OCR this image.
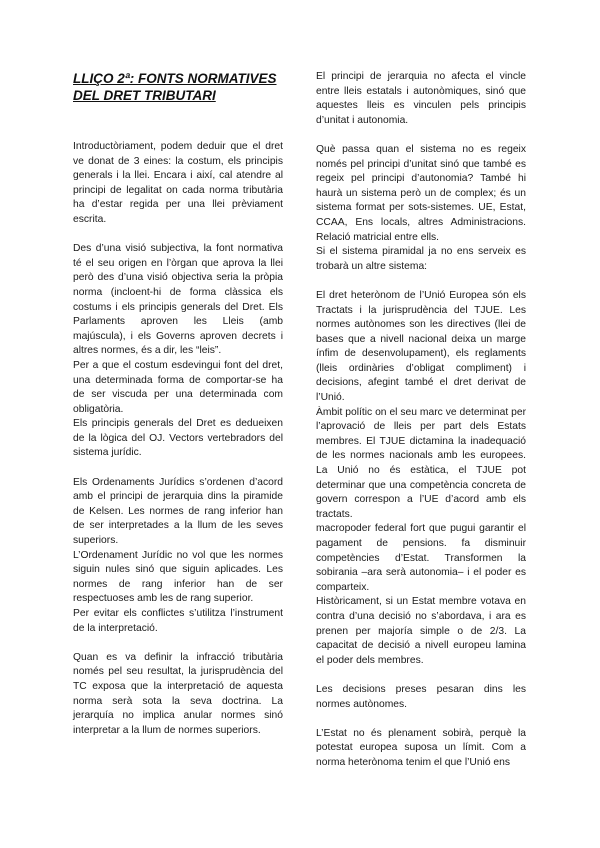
LLIÇO 2ª: FONTS NORMATIVES
DEL DRET TRIBUTARI

Introductòriament, podem deduir que el dret ve donat de 3 eines: la costum, els principis generals i la llei. Encara i així, cal atendre al principi de legalitat on cada norma tributària ha d’estar regida per una llei prèviament escrita.

Des d’una visió subjectiva, la font normativa té el seu origen en l’òrgan que aprova la llei però des d’una visió objectiva seria la pròpia norma (incloent-hi de forma clàssica els costums i els principis generals del Dret. Els Parlaments aproven les Lleis (amb majúscula), i els Governs aproven decrets i altres normes, és a dir, les “leis”.

Per a que el costum esdevingui font del dret, una determinada forma de comportar-se ha de ser viscuda per una determinada com obligatòria.

Els principis generals del Dret es dedueixen de la lògica del OJ. Vectors vertebradors del sistema jurídic.

Els Ordenaments Jurídics s’ordenen d’acord amb el principi de jerarquia dins la piramide de Kelsen. Les normes de rang inferior han de ser interpretades a la llum de les seves superiors.

L’Ordenament Jurídic no vol que les normes siguin nules sinó que siguin aplicades. Les normes de rang inferior han de ser respectuoses amb les de rang superior.

Per evitar els conflictes s’utilitza l’instrument de la interpretació.

Quan es va definir la infracció tributària només pel seu resultat, la jurisprudència del TC exposa que la interpretació de aquesta norma serà sota la seva doctrina. La jerarquía no implica anular normes sinó interpretar a la llum de normes superiors.

El principi de jerarquia no afecta el vincle entre lleis estatals i autonòmiques, sinó que aquestes lleis es vinculen pels principis d’unitat i autonomia.

Què passa quan el sistema no es regeix només pel principi d’unitat sinó que també es regeix pel principi d’autonomia? També hi haurà un sistema però un de complex; és un sistema format per sots-sistemes. UE, Estat, CCAA, Ens locals, altres Administracions. Relació matricial entre ells.

Si el sistema piramidal ja no ens serveix es trobarà un altre sistema:

El dret heterònom de l’Unió Europea són els Tractats i la jurisprudència del TJUE. Les normes autònomes son les directives (llei de bases que a nivell nacional deixa un marge ínfim de desenvolupament), els reglaments (lleis ordinàries d’obligat compliment) i decisions, afegint també el dret derivat de l’Unió.

Àmbit polític on el seu marc ve determinat per l’aprovació de lleis per part dels Estats membres. El TJUE dictamina la inadequació de les normes nacionals amb les europees. La Unió no és estàtica, el TJUE pot determinar que una competència concreta de govern correspon a l’UE d’acord amb els tractats.

macropoder federal fort que pugui garantir el pagament de pensions. fa disminuir competències d’Estat. Transformen la sobirania –ara serà autonomia– i el poder es comparteix.

Històricament, si un Estat membre votava en contra d’una decisió no s’abordava, i ara es prenen per majoría simple o de 2/3. La capacitat de decisió a nivell europeu lamina el poder dels membres.

Les decisions preses pesaran dins les normes autònomes.

L’Estat no és plenament sobirà, perquè la potestat europea suposa un límit. Com a norma heterònoma tenim el que l’Unió ens
